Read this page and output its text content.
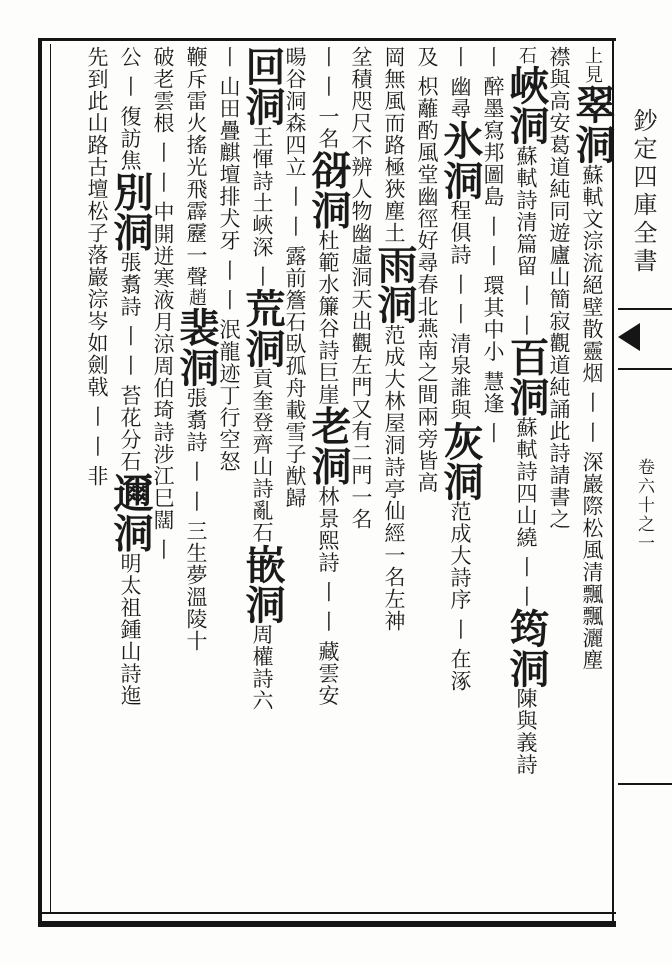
鈔定四庫全書
卷六十之一
上見翠洞蘇軾文淙流絕壁散靈烟 丨 丨 深巖際松風清飄飄灑塵
襟與高安葛道純同遊廬山簡寂觀道純誦此詩請書之
石峽洞蘇軾詩清篇留 丨 丨百洞蘇軾詩四山繞 丨 丨筠洞陳與義詩
丨 醉墨寫邦圖島 丨 丨 環其中小 慧逢 丨
丨 幽尋氷洞程俱詩 丨 丨 清泉誰與灰洞范成大詩序 丨 在涿
及 枳蘺酌風堂幽徑好尋春北燕南之間兩旁皆高
岡無風而路極狹塵土雨洞范成大林屋洞詩亭仙經一名左神
坌積咫尺不辨人物幽虛洞天出觀左門又有二門一名
丨 丨 一名谺洞杜範水簾谷詩巨崖老洞林景熙詩 丨 丨 藏雲安
暘谷洞森四立 丨 丨 露前簷石臥孤舟載雪子猷歸
回洞王惲詩土峽深 丨荒洞貢奎登齊山詩亂石嵌洞周權詩六
丨 山田疊麒壇排犬牙 丨 丨 泯龍迹丁行空怒
鞭斥雷火搖光飛霹靂一聲趙裴洞張翥詩 丨 丨 三生夢溫陵十
破老雲根 丨 丨 中開迸寒液月涼周伯琦詩涉江巳闊 丨
公 丨 復訪焦別洞張翥詩 丨 丨 苔花分石邇洞明太祖鍾山詩迤
先到此山路古壇松子落巖淙岑如劍戟 丨 丨 非
